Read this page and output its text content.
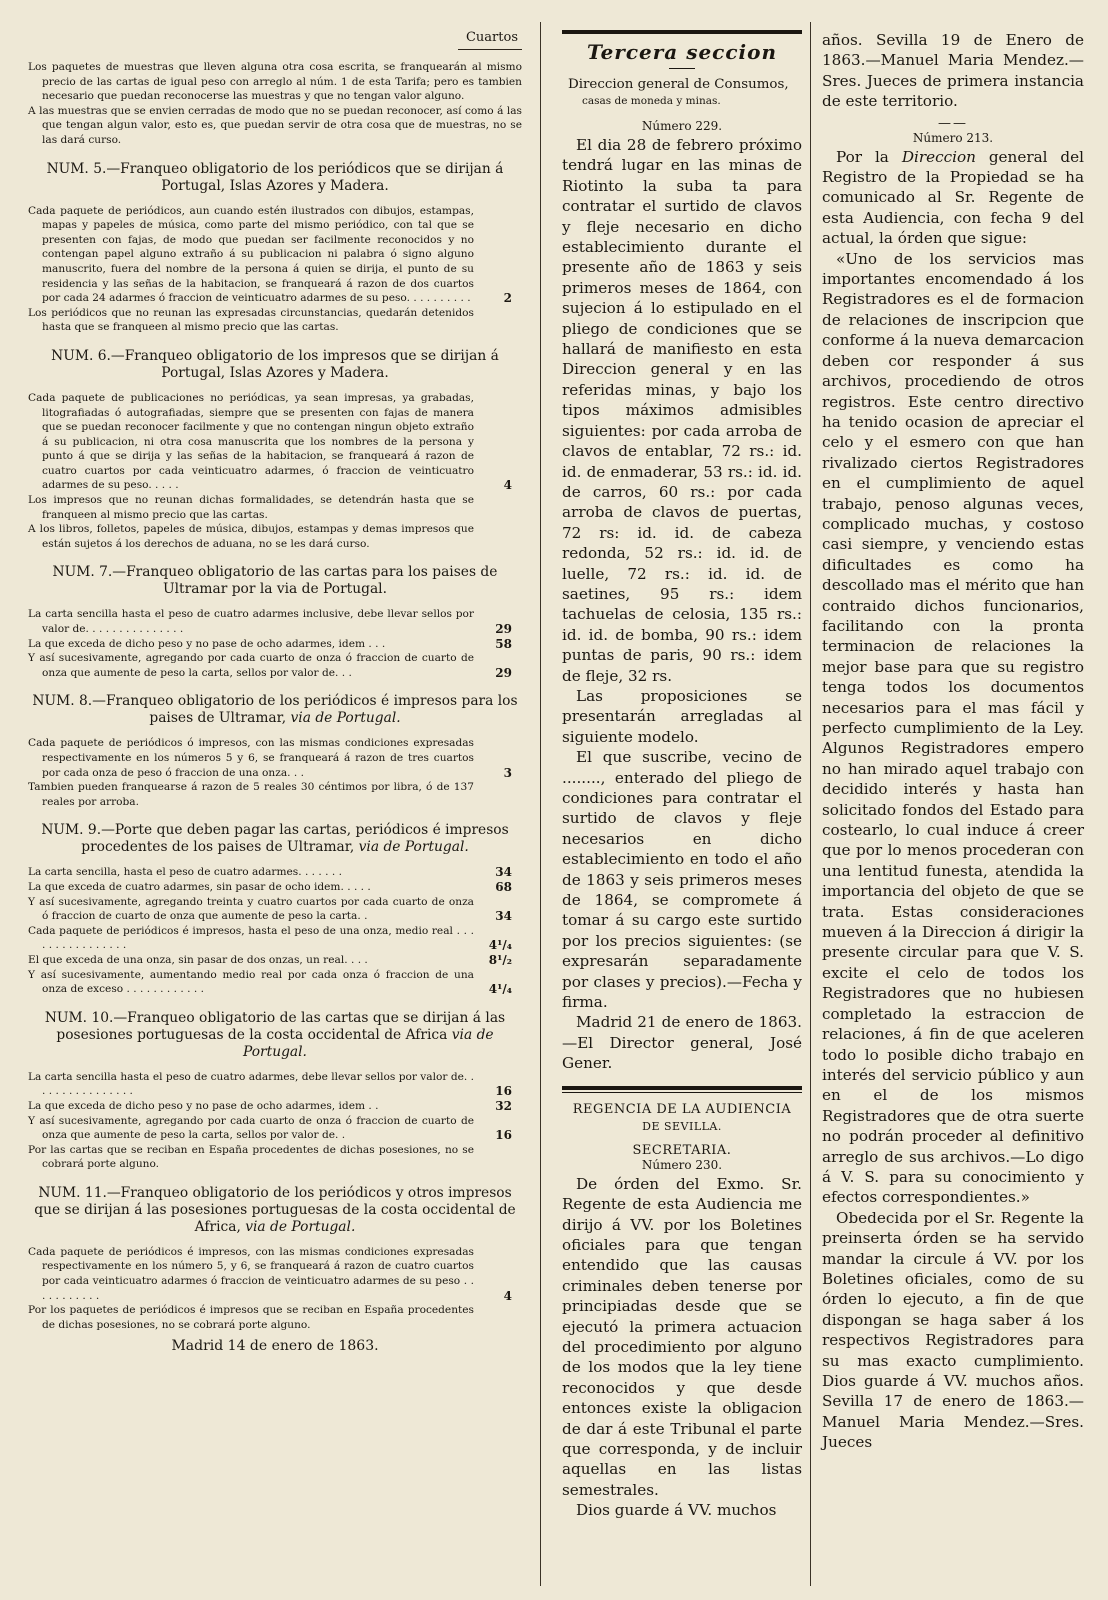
Cuartos

Los paquetes de muestras que lleven alguna otra cosa escrita, se franquearán al mismo precio de las cartas de igual peso con arreglo al núm. 1 de esta Tarifa; pero es tambien necesario que puedan reconocerse las muestras y que no tengan valor alguno.

A las muestras que se envien cerradas de modo que no se puedan reconocer, así como á las que tengan algun valor, esto es, que puedan servir de otra cosa que de muestras, no se las dará curso.

NUM. 5.—Franqueo obligatorio de los periódicos que se dirijan á Portugal, Islas Azores y Madera.

Cada paquete de periódicos, aun cuando estén ilustrados con dibujos, estampas, mapas y papeles de música, como parte del mismo periódico, con tal que se presenten con fajas, de modo que puedan ser facilmente reconocidos y no contengan papel alguno extraño á su publicacion ni palabra ó signo alguno manuscrito, fuera del nombre de la persona á quien se dirija, el punto de su residencia y las señas de la habitacion, se franqueará á razon de dos cuartos por cada 24 adarmes ó fraccion de veinticuatro adarmes de su peso. . . . . . . . . .	2

Los periódicos que no reunan las expresadas circunstancias, quedarán detenidos hasta que se franqueen al mismo precio que las cartas.

NUM. 6.—Franqueo obligatorio de los impresos que se dirijan á Portugal, Islas Azores y Madera.

Cada paquete de publicaciones no periódicas, ya sean impresas, ya grabadas, litografiadas ó autografiadas, siempre que se presenten con fajas de manera que se puedan reconocer facilmente y que no contengan ningun objeto extraño á su publicacion, ni otra cosa manuscrita que los nombres de la persona y punto á que se dirija y las señas de la habitacion, se franqueará á razon de cuatro cuartos por cada veinticuatro adarmes, ó fraccion de veinticuatro adarmes de su peso. . . . .	4

Los impresos que no reunan dichas formalidades, se detendrán hasta que se franqueen al mismo precio que las cartas.

A los libros, folletos, papeles de música, dibujos, estampas y demas impresos que están sujetos á los derechos de aduana, no se les dará curso.

NUM. 7.—Franqueo obligatorio de las cartas para los paises de Ultramar por la via de Portugal.

La carta sencilla hasta el peso de cuatro adarmes inclusive, debe llevar sellos por valor de. . . . . . . . . . . . . . .	29

La que exceda de dicho peso y no pase de ocho adarmes, idem . . .	58

Y así sucesivamente, agregando por cada cuarto de onza ó fraccion de cuarto de onza que aumente de peso la carta, sellos por valor de. . .	29
NUM. 8.—Franqueo obligatorio de los periódicos é impresos para los paises de Ultramar, via de Portugal.

Cada paquete de periódicos ó impresos, con las mismas condiciones expresadas respectivamente en los números 5 y 6, se franqueará á razon de tres cuartos por cada onza de peso ó fraccion de una onza. . .	3

Tambien pueden franquearse á razon de 5 reales 30 céntimos por libra, ó de 137 reales por arroba.

NUM. 9.—Porte que deben pagar las cartas, periódicos é impresos procedentes de los paises de Ultramar, via de Portugal.

La carta sencilla, hasta el peso de cuatro adarmes. . . . . . .	34

La que exceda de cuatro adarmes, sin pasar de ocho idem. . . . .	68

Y así sucesivamente, agregando treinta y cuatro cuartos por cada cuarto de onza ó fraccion de cuarto de onza que aumente de peso la carta. .	34

Cada paquete de periódicos é impresos, hasta el peso de una onza, medio real . . . . . . . . . . . . . . . .	4¹/₄

El que exceda de una onza, sin pasar de dos onzas, un real. . . .	8¹/₂

Y así sucesivamente, aumentando medio real por cada onza ó fraccion de una onza de exceso . . . . . . . . . . . .	4¹/₄
NUM. 10.—Franqueo obligatorio de las cartas que se dirijan á las posesiones portuguesas de la costa occidental de Africa via de Portugal.

La carta sencilla hasta el peso de cuatro adarmes, debe llevar sellos por valor de. . . . . . . . . . . . . . . .	16

La que exceda de dicho peso y no pase de ocho adarmes, idem . .	32

Y así sucesivamente, agregando por cada cuarto de onza ó fraccion de cuarto de onza que aumente de peso la carta, sellos por valor de. .	16

Por las cartas que se reciban en España procedentes de dichas posesiones, no se cobrará porte alguno.

NUM. 11.—Franqueo obligatorio de los periódicos y otros impresos que se dirijan á las posesiones portuguesas de la costa occidental de Africa, via de Portugal.

Cada paquete de periódicos é impresos, con las mismas condiciones expresadas respectivamente en los número 5, y 6, se franqueará á razon de cuatro cuartos por cada veinticuatro adarmes ó fraccion de veinticuatro adarmes de su peso . . . . . . . . . . .	4

Por los paquetes de periódicos é impresos que se reciban en España procedentes de dichas posesiones, no se cobrará porte alguno.

Madrid 14 de enero de 1863.
Tercera seccion
Direccion general de Consumos,
casas de moneda y minas.
Número 229.

El dia 28 de febrero próximo tendrá lugar en las minas de Riotinto la suba ta para contratar el surtido de clavos y fleje necesario en dicho establecimiento durante el presente año de 1863 y seis primeros meses de 1864, con sujecion á lo estipulado en el pliego de condiciones que se hallará de manifiesto en esta Direccion general y en las referidas minas, y bajo los tipos máximos admisibles siguientes: por cada arroba de clavos de entablar, 72 rs.: id. id. de enmaderar, 53 rs.: id. id. de carros, 60 rs.: por cada arroba de clavos de puertas, 72 rs: id. id. de cabeza redonda, 52 rs.: id. id. de luelle, 72 rs.: id. id. de saetines, 95 rs.: idem tachuelas de celosia, 135 rs.: id. id. de bomba, 90 rs.: idem puntas de paris, 90 rs.: idem de fleje, 32 rs.

Las proposiciones se presentarán arregladas al siguiente modelo.

El que suscribe, vecino de ........, enterado del pliego de condiciones para contratar el surtido de clavos y fleje necesarios en dicho establecimiento en todo el año de 1863 y seis primeros meses de 1864, se compromete á tomar á su cargo este surtido por los precios siguientes: (se expresarán separadamente por clases y precios).—Fecha y firma.

Madrid 21 de enero de 1863.—El Director general, José Gener.

REGENCIA DE LA AUDIENCIA
DE SEVILLA.
SECRETARIA.
Número 230.

De órden del Exmo. Sr. Regente de esta Audiencia me dirijo á VV. por los Boletines oficiales para que tengan entendido que las causas criminales deben tenerse por principiadas desde que se ejecutó la primera actuacion del procedimiento por alguno de los modos que la ley tiene reconocidos y que desde entonces existe la obligacion de dar á este Tribunal el parte que corresponda, y de incluir aquellas en las listas semestrales.

Dios guarde á VV. muchos

años. Sevilla 19 de Enero de 1863.—Manuel Maria Mendez.—Sres. Jueces de primera instancia de este territorio.

——
Número 213.

Por la Direccion general del Registro de la Propiedad se ha comunicado al Sr. Regente de esta Audiencia, con fecha 9 del actual, la órden que sigue:

«Uno de los servicios mas importantes encomendado á los Registradores es el de formacion de relaciones de inscripcion que conforme á la nueva demarcacion deben cor responder á sus archivos, procediendo de otros registros. Este centro directivo ha tenido ocasion de apreciar el celo y el esmero con que han rivalizado ciertos Registradores en el cumplimiento de aquel trabajo, penoso algunas veces, complicado muchas, y costoso casi siempre, y venciendo estas dificultades es como ha descollado mas el mérito que han contraido dichos funcionarios, facilitando con la pronta terminacion de relaciones la mejor base para que su registro tenga todos los documentos necesarios para el mas fácil y perfecto cumplimiento de la Ley. Algunos Registradores empero no han mirado aquel trabajo con decidido interés y hasta han solicitado fondos del Estado para costearlo, lo cual induce á creer que por lo menos procederan con una lentitud funesta, atendida la importancia del objeto de que se trata. Estas consideraciones mueven á la Direccion á dirigir la presente circular para que V. S. excite el celo de todos los Registradores que no hubiesen completado la estraccion de relaciones, á fin de que aceleren todo lo posible dicho trabajo en interés del servicio público y aun en el de los mismos Registradores que de otra suerte no podrán proceder al definitivo arreglo de sus archivos.—Lo digo á V. S. para su conocimiento y efectos correspondientes.»

Obedecida por el Sr. Regente la preinserta órden se ha servido mandar la circule á VV. por los Boletines oficiales, como de su órden lo ejecuto, a fin de que dispongan se haga saber á los respectivos Registradores para su mas exacto cumplimiento. Dios guarde á VV. muchos años. Sevilla 17 de enero de 1863.—Manuel Maria Mendez.—Sres. Jueces
